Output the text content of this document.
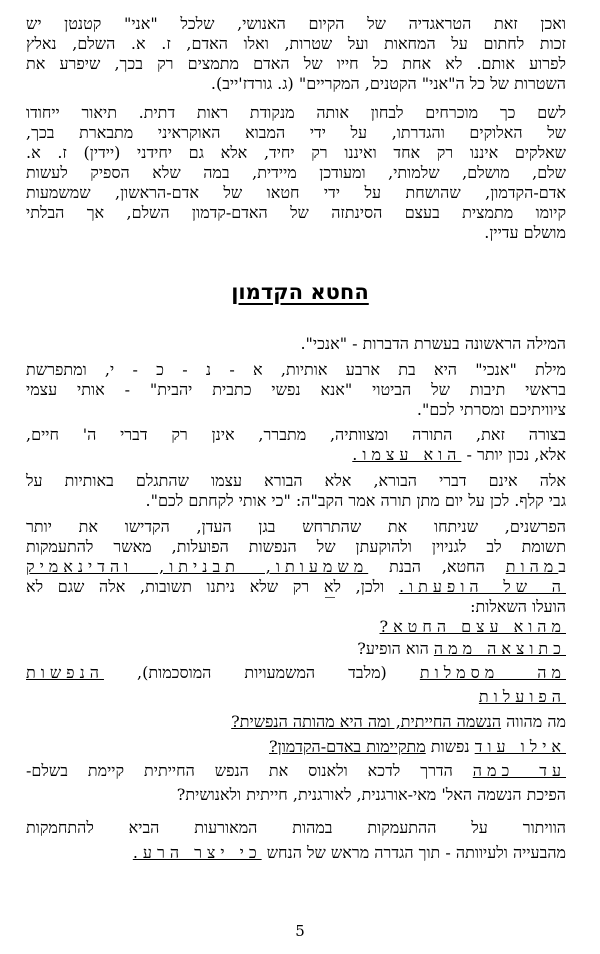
ואכן זאת הטראגדיה של הקיום האנושי, שלכל "אני" קטנטן יש
זכות לחתום על המחאות ועל שטרות, ואלו האדם, ז. א. השלם, נאלץ
לפרוע אותם. לא אחת כל חייו של האדם מתמצים רק בכך, שיפרע את
השטרות של כל ה"אני" הקטנים, המקריים" (ג. גורדז'ייב).
לשם כך מוכרחים לבחון אותה מנקודת ראות דתית. תיאור ייחודו
של האלוקים והגדרתו, על ידי המבוא האוקראיני מתבארת בכך,
שאלקים איננו רק אחד ואיננו רק יחיד, אלא גם יחידני (יידין) ז. א.
שלם, מושלם, שלמותי, ומעודכן מיידית, במה שלא הספיק לעשות
אדם-הקדמון, שהושחת על ידי חטאו של אדם-הראשון, שמשמעות
קיומו מתמצית בעצם הסינתזה של האדם-קדמון השלם, אך הבלתי
מושלם עדיין.
החטא הקדמון
המילה הראשונה בעשרת הדברות - "אנכי".
מילת "אנכי" היא בת ארבע אותיות, א - נ - כ - י, ומתפרשת
בראשי תיבות של הביטוי "אנא נפשי כתבית יהבית" - אותי עצמי
ציוויתיכם ומסרתי לכם".
בצורה זאת, התורה ומצוותיה, מתברר, אינן רק דברי ה' חיים,
אלא, נכון יותר - הוא עצמו.
אלה אינם דברי הבורא, אלא הבורא עצמו שהתגלם באותיות על
גבי קלף. לכן על יום מתן תורה אמר הקב"ה: "כי אותי לקחתם לכם".
הפרשנים, שניתחו את שהתרחש בגן העדן, הקדישו את יותר
תשומת לב לגניוין ולהוקעתן של הנפשות הפועלות, מאשר להתעמקות
במהות החטא, הבנת משמעותו, תבניתו, והדינאמיק
ה של הופעתו. ולכן, לא רק שלא ניתנו תשובות, אלה שגם לא
הועלו השאלות:
מהוא עצם החטא?
כתוצאה ממה הוא הופיע?
מה מסמלות (מלבד המשמעויות המוסכמות), הנפשות
הפועלות
מה מהווה הנשמה החייתית, ומה היא מהותה הנפשית?
אילו עוד נפשות מתקיימות באדם-הקדמון?
עד כמה הדרך לדכא ולאנוס את הנפש החייתית קיימת בשלם-
הפיכת הנשמה האל' מאי-אורגנית, לאורגנית, חייתית ולאנושית?
הוויתור על ההתעמקות במהות המאורעות הביא להתחמקות
מהבעייה ולעיוותה - תוך הגדרה מראש של הנחש כי יצר הרע.
5
